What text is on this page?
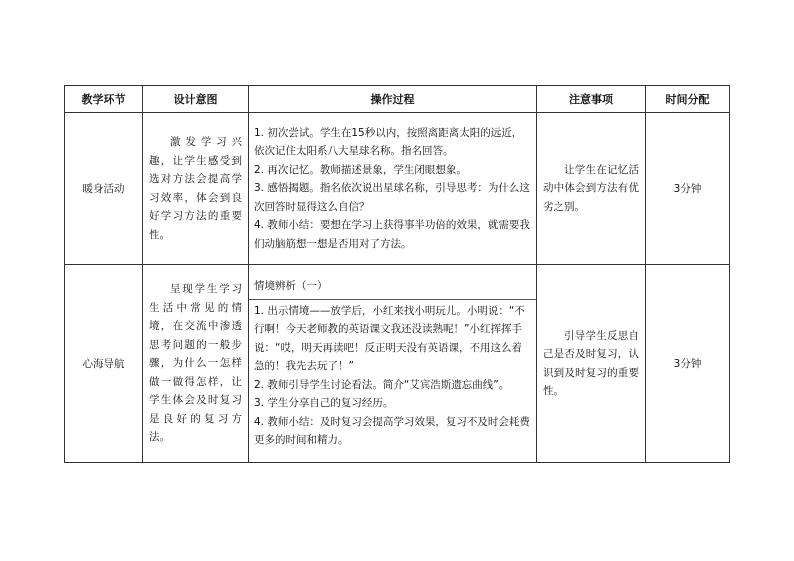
教学环节	设计意图	操作过程	注意事项	时间分配
暖身活动	激发学习兴趣，让学生感受到选对方法会提高学习效率，体会到良好学习方法的重要性。	1. 初次尝试。学生在15秒以内，按照离距离太阳的远近，依次记住太阳系八大星球名称。指名回答。
2. 再次记忆。教师描述景象，学生闭眼想象。
3. 感悟揭题。指名依次说出星球名称，引导思考：为什么这次回答时显得这么自信？
4. 教师小结：要想在学习上获得事半功倍的效果，就需要我们动脑筋想一想是否用对了方法。	让学生在记忆活动中体会到方法有优劣之别。	3分钟
心海导航	呈现学生学习生活中常见的情境，在交流中渗透思考问题的一般步骤，为什么一怎样做一做得怎样，让学生体会及时复习是良好的复习方法。	情境辨析（一）
1. 出示情境——放学后，小红来找小明玩儿。小明说：“不行啊！今天老师教的英语课文我还没读熟呢！”小红挥挥手说：“哎，明天再读吧！反正明天没有英语课，不用这么着急的！我先去玩了！”
2. 教师引导学生讨论看法。简介“艾宾浩斯遗忘曲线”。
3. 学生分享自己的复习经历。
4. 教师小结：及时复习会提高学习效果，复习不及时会耗费更多的时间和精力。	引导学生反思自己是否及时复习，认识到及时复习的重要性。	3分钟
